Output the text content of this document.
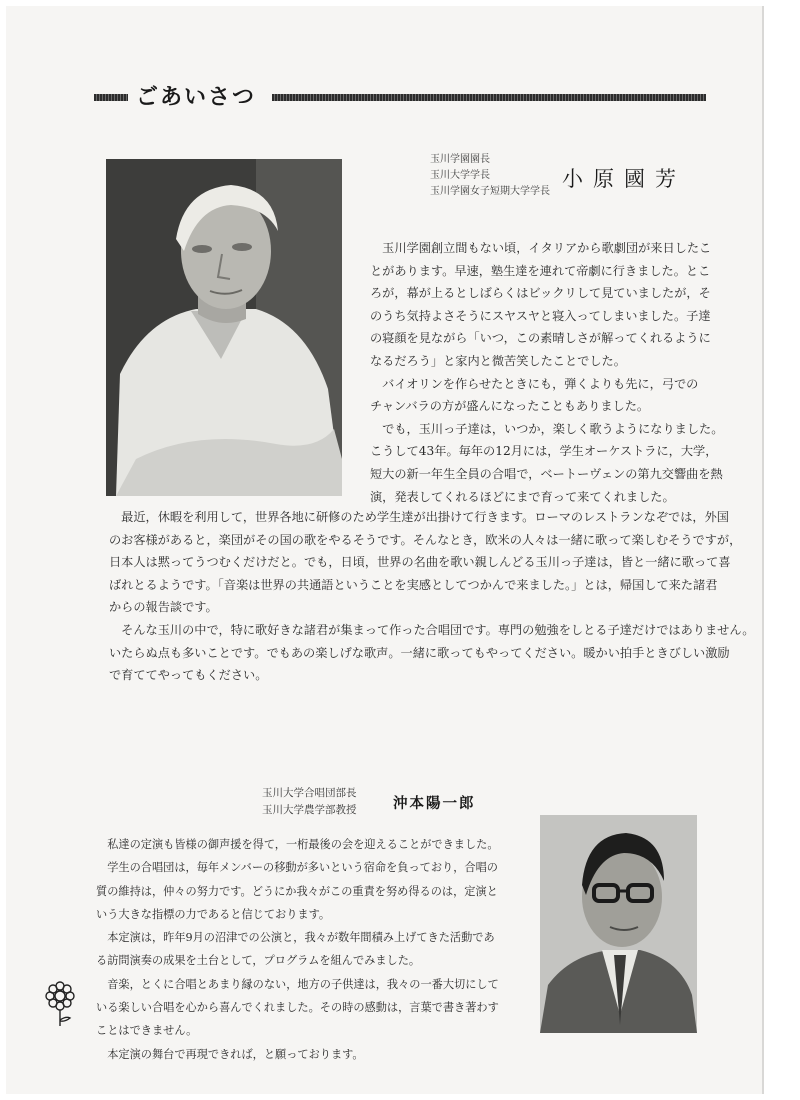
ごあいさつ
玉川学園園長
玉川大学学長
玉川学園女子短期大学学長
小原國芳

　玉川学園創立間もない頃，イタリアから歌劇団が来日したこ
とがあります。早速，塾生達を連れて帝劇に行きました。とこ
ろが，幕が上るとしばらくはビックリして見ていましたが，そ
のうち気持よさそうにスヤスヤと寝入ってしまいました。子達
の寝顔を見ながら「いつ，この素晴しさが解ってくれるように
なるだろう」と家内と微苦笑したことでした。
　バイオリンを作らせたときにも，弾くよりも先に，弓での
チャンバラの方が盛んになったこともありました。
　でも，玉川っ子達は，いつか，楽しく歌うようになりました。
こうして43年。毎年の12月には，学生オーケストラに，大学，
短大の新一年生全員の合唱で，ベートーヴェンの第九交響曲を熱
演，発表してくれるほどにまで育って来てくれました。

　最近，休暇を利用して，世界各地に研修のため学生達が出掛けて行きます。ローマのレストランなぞでは，外国
のお客様があると，楽団がその国の歌をやるそうです。そんなとき，欧米の人々は一緒に歌って楽しむそうですが，
日本人は黙ってうつむくだけだと。でも，日頃，世界の名曲を歌い親しんどる玉川っ子達は，皆と一緒に歌って喜
ばれとるようです。「音楽は世界の共通語ということを実感としてつかんで来ました。」とは，帰国して来た諸君
からの報告談です。
　そんな玉川の中で，特に歌好きな諸君が集まって作った合唱団です。専門の勉強をしとる子達だけではありません。
いたらぬ点も多いことです。でもあの楽しげな歌声。一緒に歌ってもやってください。暖かい拍手ときびしい激励
で育ててやってもください。

玉川大学合唱団部長
玉川大学農学部教授	沖本陽一郎

　私達の定演も皆様の御声援を得て，一桁最後の会を迎えることができました。
　学生の合唱団は，毎年メンバーの移動が多いという宿命を負っており，合唱の
質の維持は，仲々の努力です。どうにか我々がこの重責を努め得るのは，定演と
いう大きな指標の力であると信じております。
　本定演は，昨年9月の沼津での公演と，我々が数年間積み上げてきた活動であ
る訪問演奏の成果を土台として，プログラムを組んでみました。
　音楽，とくに合唱とあまり縁のない，地方の子供達は，我々の一番大切にして
いる楽しい合唱を心から喜んでくれました。その時の感動は，言葉で書き著わす
ことはできません。
　本定演の舞台で再現できれば，と願っております。
